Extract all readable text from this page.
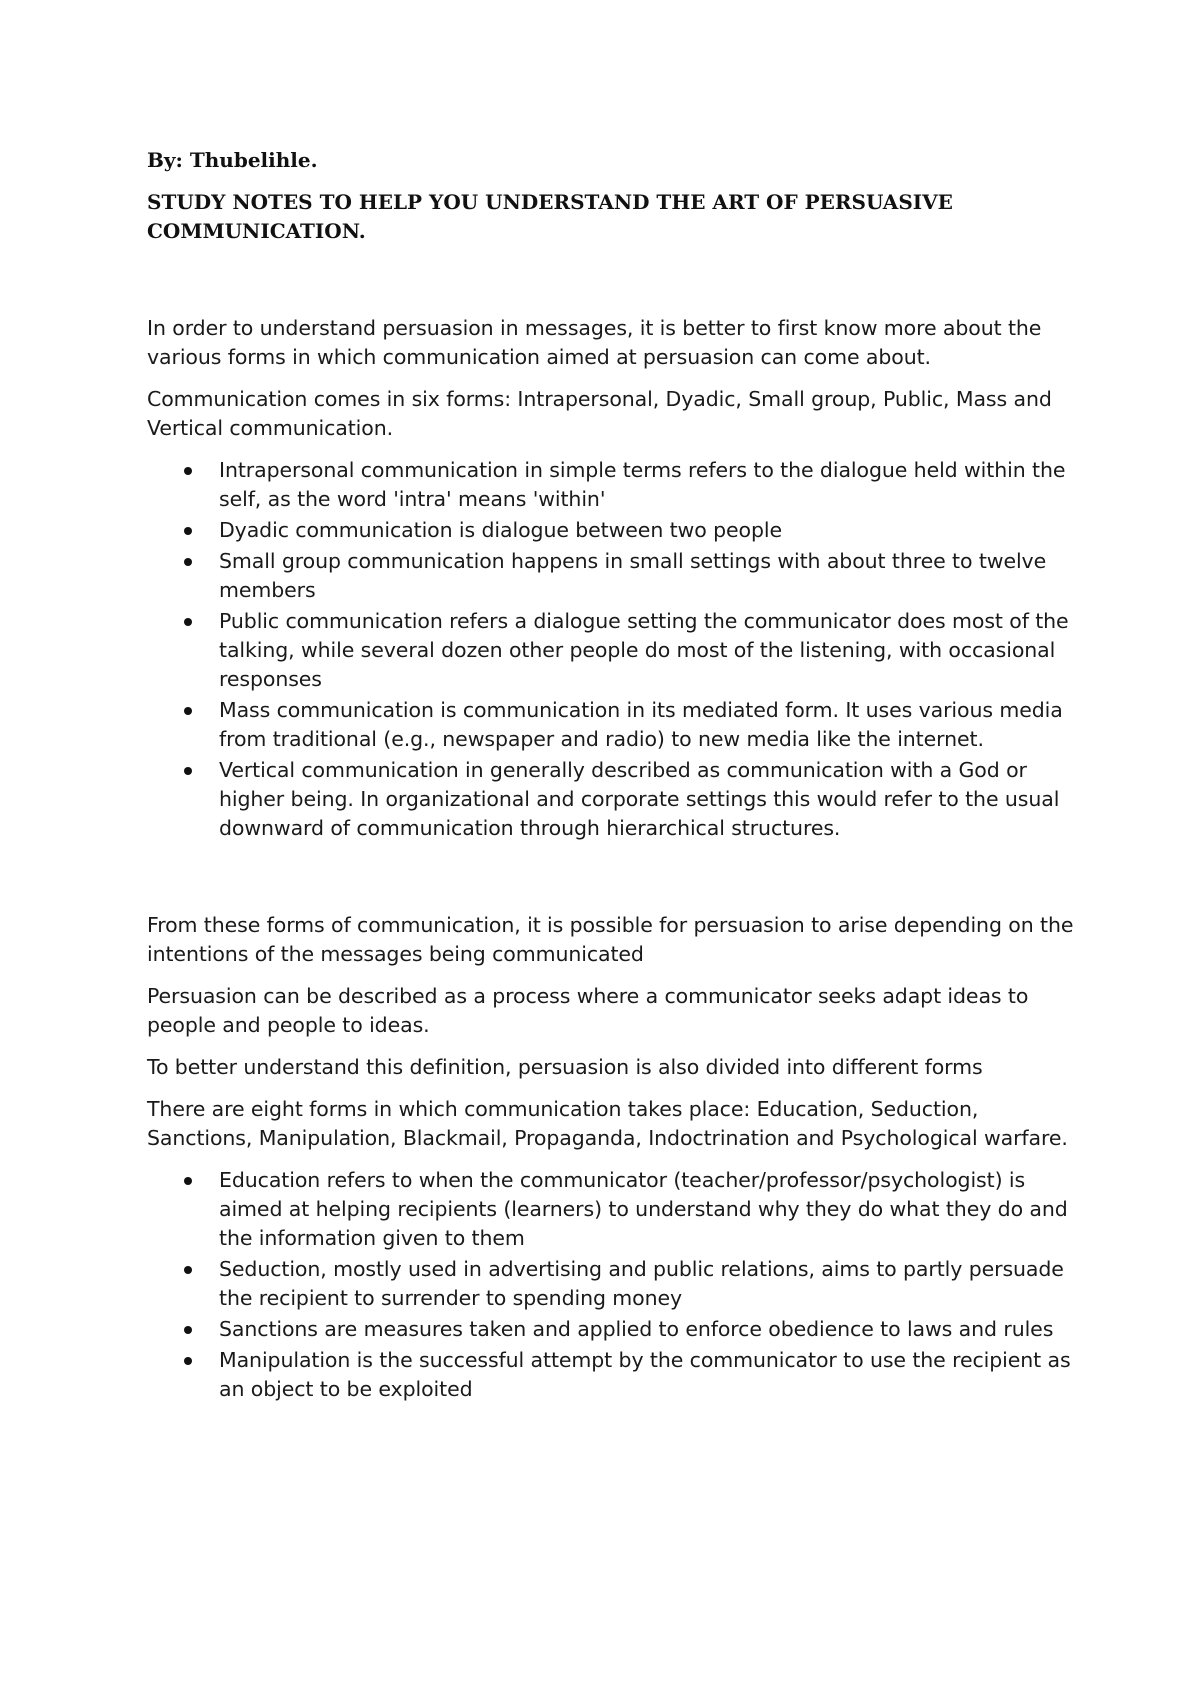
By: Thubelihle.
STUDY NOTES TO HELP YOU UNDERSTAND THE ART OF PERSUASIVE COMMUNICATION.

In order to understand persuasion in messages, it is better to first know more about the various forms in which communication aimed at persuasion can come about.

Communication comes in six forms: Intrapersonal, Dyadic, Small group, Public, Mass and Vertical communication.

Intrapersonal communication in simple terms refers to the dialogue held within the self, as the word 'intra' means 'within'
Dyadic communication is dialogue between two people
Small group communication happens in small settings with about three to twelve members
Public communication refers a dialogue setting the communicator does most of the talking, while several dozen other people do most of the listening, with occasional responses
Mass communication is communication in its mediated form. It uses various media from traditional (e.g., newspaper and radio) to new media like the internet.
Vertical communication in generally described as communication with a God or higher being. In organizational and corporate settings this would refer to the usual downward of communication through hierarchical structures.

From these forms of communication, it is possible for persuasion to arise depending on the intentions of the messages being communicated

Persuasion can be described as a process where a communicator seeks adapt ideas to people and people to ideas.

To better understand this definition, persuasion is also divided into different forms

There are eight forms in which communication takes place: Education, Seduction, Sanctions, Manipulation, Blackmail, Propaganda, Indoctrination and Psychological warfare.

Education refers to when the communicator (teacher/professor/psychologist) is aimed at helping recipients (learners) to understand why they do what they do and the information given to them
Seduction, mostly used in advertising and public relations, aims to partly persuade the recipient to surrender to spending money
Sanctions are measures taken and applied to enforce obedience to laws and rules
Manipulation is the successful attempt by the communicator to use the recipient as an object to be exploited
